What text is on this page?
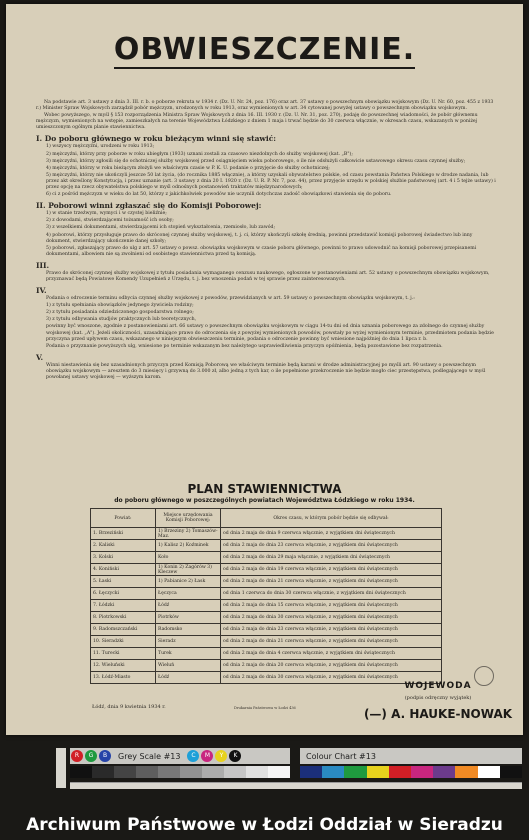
OBWIESZCZENIE.

Na podstawie art. 3 ustawy z dnia 3. III. r. b. o poborze rekruta w 1934 r. (Dz. U. Nr. 24, poz. 176) oraz art. 37 ustawy o powszechnym obowiązku wojskowym (Dz. U. Nr. 60, poz. 455 z 1933 r.) Minister Spraw Wojskowych zarządził pobór mężczyzn, urodzonych w roku 1913, oraz wymienionych w art. 34 cytowanej powyżej ustawy o powszechnym obowiązku wojskowym.

Wobec powyższego, w myśl § 153 rozporządzenia Ministra Spraw Wojskowych z dnia 16. III. 1930 r. (Dz. U. Nr. 31, poz. 270), podaję do powszechnej wiadomości, że pobór głównemu mężczyzn, wymienionych na wstępie, zamieszkałych na terenie Województwa Łódzkiego z dniem 1 maja i trwać będzie do 30 czerwca włącznie, w okresach czasu, wskazanych w poniżej umieszczonym ogólnym planie stawiennictwa.

I. Do poboru głównego w roku bieżącym winni się stawić:

1) wszyscy mężczyźni, urodzeni w roku 1913;

2) mężczyźni, którzy przy poborze w roku ubiegłym (1933) uznani zostali za czasowo niezdolnych do służby wojskowej (kat. „B");

3) mężczyźni, którzy zgłosili się do ochotniczej służby wojskowej przed osiągnięciem wieku poborowego, o ile nie odsłużyli całkowicie ustawowego okresu czasu czynnej służby;

4) mężczyźni, którzy w roku bieżącym złożyli we właściwym czasie w P. K. U. podanie o przyjęcie do służby ochotniczej;

5) mężczyźni, którzy nie ukończyli jeszcze 50 lat życia, (do rocznika 1885 włącznie), a którzy uzyskali obywatelstwo polskie, od czasu powstania Państwa Polskiego w drodze nadania, lub przez akt określony Konstytucją, i przez uznanie (art. 3 ustawy z dnia 20 I. 1920 r. (Dz. U. R. P. Nr. 7, poz. 44), przez przyjęcie urzędu w polskiej służbie państwowej (art. 4 i 5 tejże ustawy) i przez opcję na rzecz obywatelstwa polskiego w myśl odnośnych postanowień traktatów międzynarodowych;

6) ci z pośród mężczyzn w wieku do lat 50, którzy z jakichkolwiek powodów nie uczynili dotychczas zadość obowiązkowi stawienia się do poboru.

II. Poborowi winni zgłaszać się do Komisji Poborowej:

1) w stanie trzeźwym, wymyci i w czystej bieliźnie;

2) z dowodami, stwierdzającemi tożsamość ich osoby;

3) z wszelkiemi dokumentami, stwierdzającemi ich stopień wykształcenia, rzemiosło, lub zawód;

4) poborowi, którzy przysługuje prawo do skróconej czynnej służby wojskowej, t. j. ci, którzy ukończyli szkołę średnią, powinni przedstawić komisji poborowej świadectwo lub inny dokument, stwierdzający ukończenie danej szkoły;

5) poborowi, zgłaszający prawo do ulg z art. 57 ustawy o powsz. obowiązku wojskowym w czasie poboru głównego, powinni to prawo udowodnić na komisji poborowej przepisanemi dokumentami, albowiem nie są zwolnieni od osobistego stawiennictwa przed tą komisją.

III.

Prawo do skróconej czynnej służby wojskowej z tytułu posiadania wymaganego cenzusu naukowego, ogłoszone w postanowieniami art. 52 ustawy o powszechnym obowiązku wojskowym, przyznawać będą Powiatowe Komendy Uzupełnień z Urzędu, t. j. bez wnoszenia podań w tej sprawie przez zainteresowanych.

IV.

Podania o odroczenie terminu odbycia czynnej służby wojskowej z powodów, przewidzianych w art. 59 ustawy o powszechnym obowiązku wojskowym, t. j.:

1) z tytułu spełniania obowiązków jedynego żywiciela rodziny;

2) z tytułu posiadania odziedziczonego gospodarstwa rolnego;

3) z tytułu odbywania studjów praktycznych lub teoretycznych,

powinny być wnoszone, zgodnie z postanowieniami art. 66 ustawy o powszechnym obowiązku wojskowym w ciągu 14-tu dni od dnia uznania poborowego za zdolnego do czynnej służby wojskowej (kat. „A"). Jeżeli okoliczności, uzasadniające prawo do odroczenia się z powyżej wymienionych powodów, powstały po wyżej wymienionym terminie, przedmiotem podania będzie przyczyna przed upływem czasu, wskazanego w niniejszym obwieszczeniu terminie, podania o odroczenie powinny być wniesione najpóźniej do dnia 1 lipca r. b.

Podania o przyznanie powyższych ulg, wniesione po terminie wskazanym bez należytego usprawiedliwienia przyczyn opóźnienia, będą pozostawione bez rozpatrzenia.

V.

Winni niestawienia się bez uzasadnionych przyczyn przed Komisją Poborową we właściwym terminie będą karani w drodze administracyjnej po myśli art. 90 ustawy o powszechnym obowiązku wojskowym — aresztem do 3 miesięcy i grzywną do 3.000 zł, albo jedną z tych kar, o ile popełnione przekroczenie nie będzie mogło ciec przestępstwa, podlegającego w myśl powołanej ustawy wojskowej — wyższym karom.

PLAN STAWIENNICTWA
do poboru głównego w poszczególnych powiatach Województwa Łódzkiego w roku 1934.
Powiat:	Miejsce urzędowania Komisji Poborowej:	Okres czasu, w którym pobór będzie się odbywał:
1. Brzeziński	1) Brzeziny 2) Tomaszów-Maz.	od dnia 2 maja do dnia 9 czerwca włącznie, z wyjątkiem dni świątecznych
2. Kaliski	1) Kalisz 2) Koźminek	od dnia 2 maja do dnia 23 czerwca włącznie, z wyjątkiem dni świątecznych
3. Kolski	Koło	od dnia 2 maja do dnia 29 maja włącznie, z wyjątkiem dni świątecznych
4. Koniński	1) Konin 2) Zagórów 3) Kleczew	od dnia 2 maja do dnia 19 czerwca włącznie, z wyjątkiem dni świątecznych
5. Łaski	1) Pabianice 2) Łask	od dnia 2 maja do dnia 21 czerwca włącznie, z wyjątkiem dni świątecznych
6. Łęczycki	Łęczyca	od dnia 1 czerwca do dnia 30 czerwca włącznie, z wyjątkiem dni świątecznych
7. Łódzki	Łódź	od dnia 2 maja do dnia 15 czerwca włącznie, z wyjątkiem dni świątecznych
8. Piotrkowski	Piotrków	od dnia 2 maja do dnia 30 czerwca włącznie, z wyjątkiem dni świątecznych
9. Radomszczański	Radomsko	od dnia 2 maja do dnia 23 czerwca włącznie, z wyjątkiem dni świątecznych
10. Sieradzki	Sieradz	od dnia 2 maja do dnia 21 czerwca włącznie, z wyjątkiem dni świątecznych
11. Turecki	Turek	od dnia 2 maja do dnia 4 czerwca włącznie, z wyjątkiem dni świątecznych
12. Wieluński	Wieluń	od dnia 2 maja do dnia 20 czerwca włącznie, z wyjątkiem dni świątecznych
13. Łódź-Miasto	Łódź	od dnia 2 maja do dnia 30 czerwca włącznie, z wyjątkiem dni świątecznych
WOJEWODA
(podpis odręczny wyjątek)
(—) A. HAUKE-NOWAK
Łódź, dnia 9 kwietnia 1934 r.	Drukarnia Państwowa w Łodzi 436
R	G	B	Grey Scale #13	C	M	Y	K	Colour Chart #13
Archiwum Państwowe w Łodzi Oddział w Sieradzu
